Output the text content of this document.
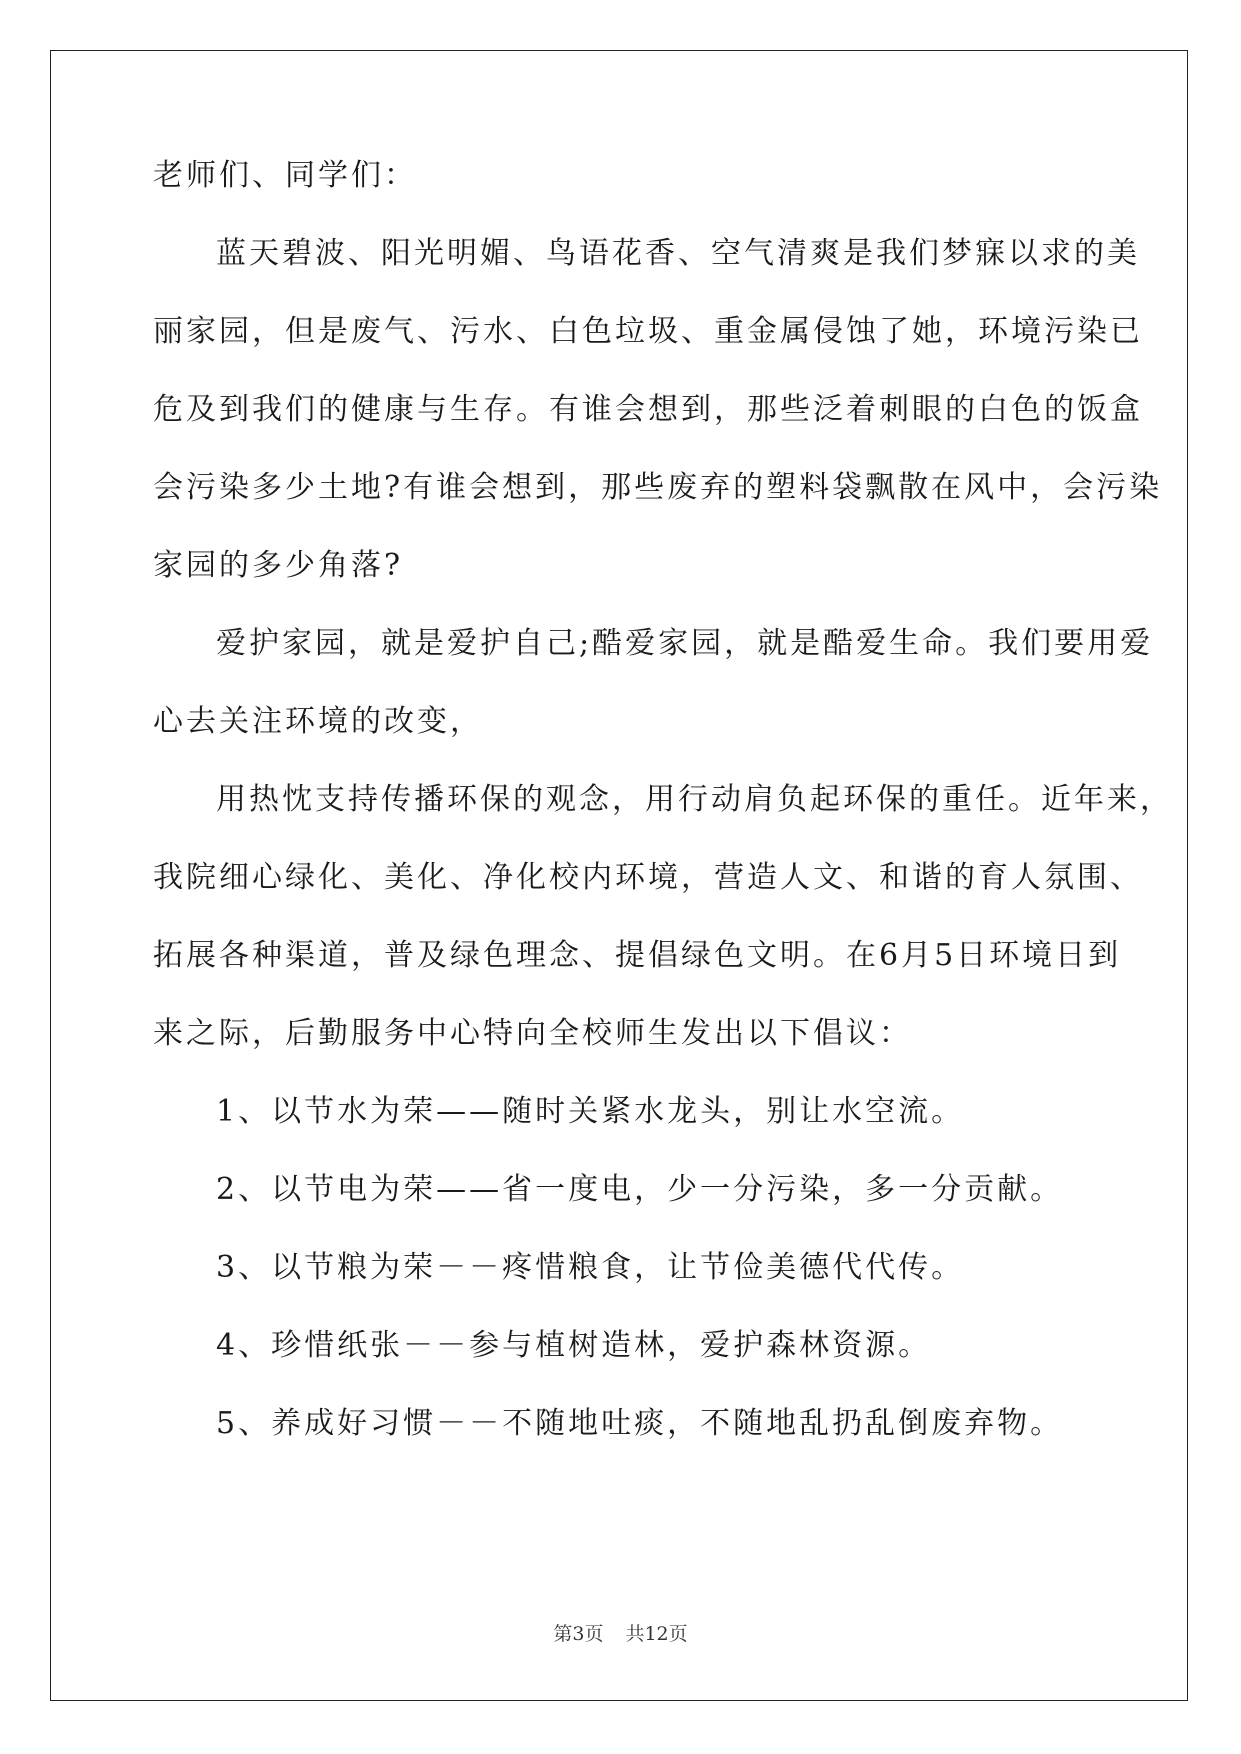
老师们、同学们：

蓝天碧波、阳光明媚、鸟语花香、空气清爽是我们梦寐以求的美

丽家园，但是废气、污水、白色垃圾、重金属侵蚀了她，环境污染已

危及到我们的健康与生存。有谁会想到，那些泛着刺眼的白色的饭盒

会污染多少土地?有谁会想到，那些废弃的塑料袋飘散在风中，会污染

家园的多少角落?

爱护家园，就是爱护自己;酷爱家园，就是酷爱生命。我们要用爱

心去关注环境的改变，

用热忱支持传播环保的观念，用行动肩负起环保的重任。近年来，

我院细心绿化、美化、净化校内环境，营造人文、和谐的育人氛围、

拓展各种渠道，普及绿色理念、提倡绿色文明。在6月5日环境日到

来之际，后勤服务中心特向全校师生发出以下倡议：

1、以节水为荣——随时关紧水龙头，别让水空流。

2、以节电为荣——省一度电，少一分污染，多一分贡献。

3、以节粮为荣－－疼惜粮食，让节俭美德代代传。

4、珍惜纸张－－参与植树造林，爱护森林资源。

5、养成好习惯－－不随地吐痰，不随地乱扔乱倒废弃物。

第3页 共12页
